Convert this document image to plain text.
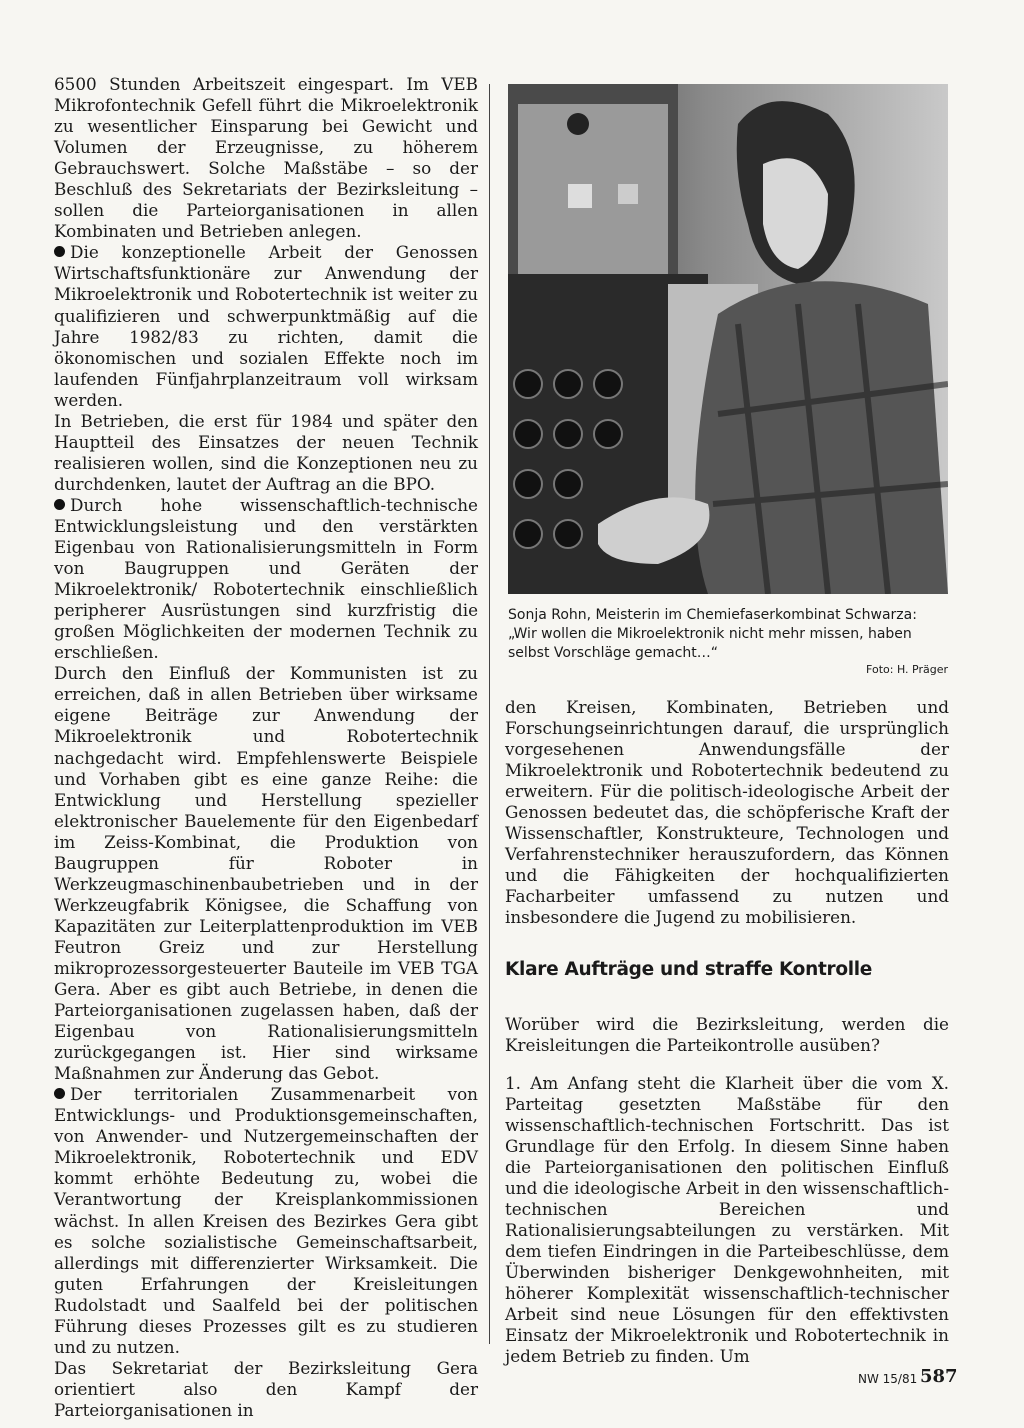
6500 Stunden Arbeitszeit eingespart. Im VEB Mikrofontechnik Gefell führt die Mikroelektronik zu wesentlicher Einsparung bei Gewicht und Volumen der Erzeugnisse, zu höherem Gebrauchswert. Solche Maßstäbe – so der Beschluß des Sekretariats der Bezirksleitung – sollen die Parteiorganisationen in allen Kombinaten und Betrieben anlegen.

Die konzeptionelle Arbeit der Genossen Wirtschaftsfunktionäre zur Anwendung der Mikroelektronik und Robotertechnik ist weiter zu qualifizieren und schwerpunktmäßig auf die Jahre 1982/83 zu richten, damit die ökonomischen und sozialen Effekte noch im laufenden Fünfjahrplanzeitraum voll wirksam werden.

In Betrieben, die erst für 1984 und später den Hauptteil des Einsatzes der neuen Technik realisieren wollen, sind die Konzeptionen neu zu durchdenken, lautet der Auftrag an die BPO.

Durch hohe wissenschaftlich-technische Entwicklungsleistung und den verstärkten Eigenbau von Rationalisierungsmitteln in Form von Baugruppen und Geräten der Mikroelektronik/ Robotertechnik einschließlich peripherer Ausrüstungen sind kurzfristig die großen Möglichkeiten der modernen Technik zu erschließen.

Durch den Einfluß der Kommunisten ist zu erreichen, daß in allen Betrieben über wirksame eigene Beiträge zur Anwendung der Mikroelektronik und Robotertechnik nachgedacht wird. Empfehlenswerte Beispiele und Vorhaben gibt es eine ganze Reihe: die Entwicklung und Herstellung spezieller elektronischer Bauelemente für den Eigenbedarf im Zeiss-Kombinat, die Produktion von Baugruppen für Roboter in Werkzeugmaschinenbaubetrieben und in der Werkzeugfabrik Königsee, die Schaffung von Kapazitäten zur Leiterplattenproduktion im VEB Feutron Greiz und zur Herstellung mikroprozessorgesteuerter Bauteile im VEB TGA Gera. Aber es gibt auch Betriebe, in denen die Parteiorganisationen zugelassen haben, daß der Eigenbau von Rationalisierungsmitteln zurückgegangen ist. Hier sind wirksame Maßnahmen zur Änderung das Gebot.

Der territorialen Zusammenarbeit von Entwicklungs- und Produktionsgemeinschaften, von Anwender- und Nutzergemeinschaften der Mikroelektronik, Robotertechnik und EDV kommt erhöhte Bedeutung zu, wobei die Verantwortung der Kreisplankommissionen wächst. In allen Kreisen des Bezirkes Gera gibt es solche sozialistische Gemeinschaftsarbeit, allerdings mit differenzierter Wirksamkeit. Die guten Erfahrungen der Kreisleitungen Rudolstadt und Saalfeld bei der politischen Führung dieses Prozesses gilt es zu studieren und zu nutzen.

Das Sekretariat der Bezirksleitung Gera orientiert also den Kampf der Parteiorganisationen in

Sonja Rohn, Meisterin im Chemiefaserkombinat Schwarza: „Wir wollen die Mikroelektronik nicht mehr missen, haben selbst Vorschläge gemacht…“
Foto: H. Präger

den Kreisen, Kombinaten, Betrieben und Forschungseinrichtungen darauf, die ursprünglich vorgesehenen Anwendungsfälle der Mikroelektronik und Robotertechnik bedeutend zu erweitern. Für die politisch-ideologische Arbeit der Genossen bedeutet das, die schöpferische Kraft der Wissenschaftler, Konstrukteure, Technologen und Verfahrenstechniker herauszufordern, das Können und die Fähigkeiten der hochqualifizierten Facharbeiter umfassend zu nutzen und insbesondere die Jugend zu mobilisieren.

Klare Aufträge und straffe Kontrolle

Worüber wird die Bezirksleitung, werden die Kreisleitungen die Parteikontrolle ausüben?

1. Am Anfang steht die Klarheit über die vom X. Parteitag gesetzten Maßstäbe für den wissenschaftlich-technischen Fortschritt. Das ist Grundlage für den Erfolg. In diesem Sinne haben die Parteiorganisationen den politischen Einfluß und die ideologische Arbeit in den wissenschaftlich-technischen Bereichen und Rationalisierungsabteilungen zu verstärken. Mit dem tiefen Eindringen in die Parteibeschlüsse, dem Überwinden bisheriger Denkgewohnheiten, mit höherer Komplexität wissenschaftlich-technischer Arbeit sind neue Lösungen für den effektivsten Einsatz der Mikroelektronik und Robotertechnik in jedem Betrieb zu finden. Um

NW 15/81 587
